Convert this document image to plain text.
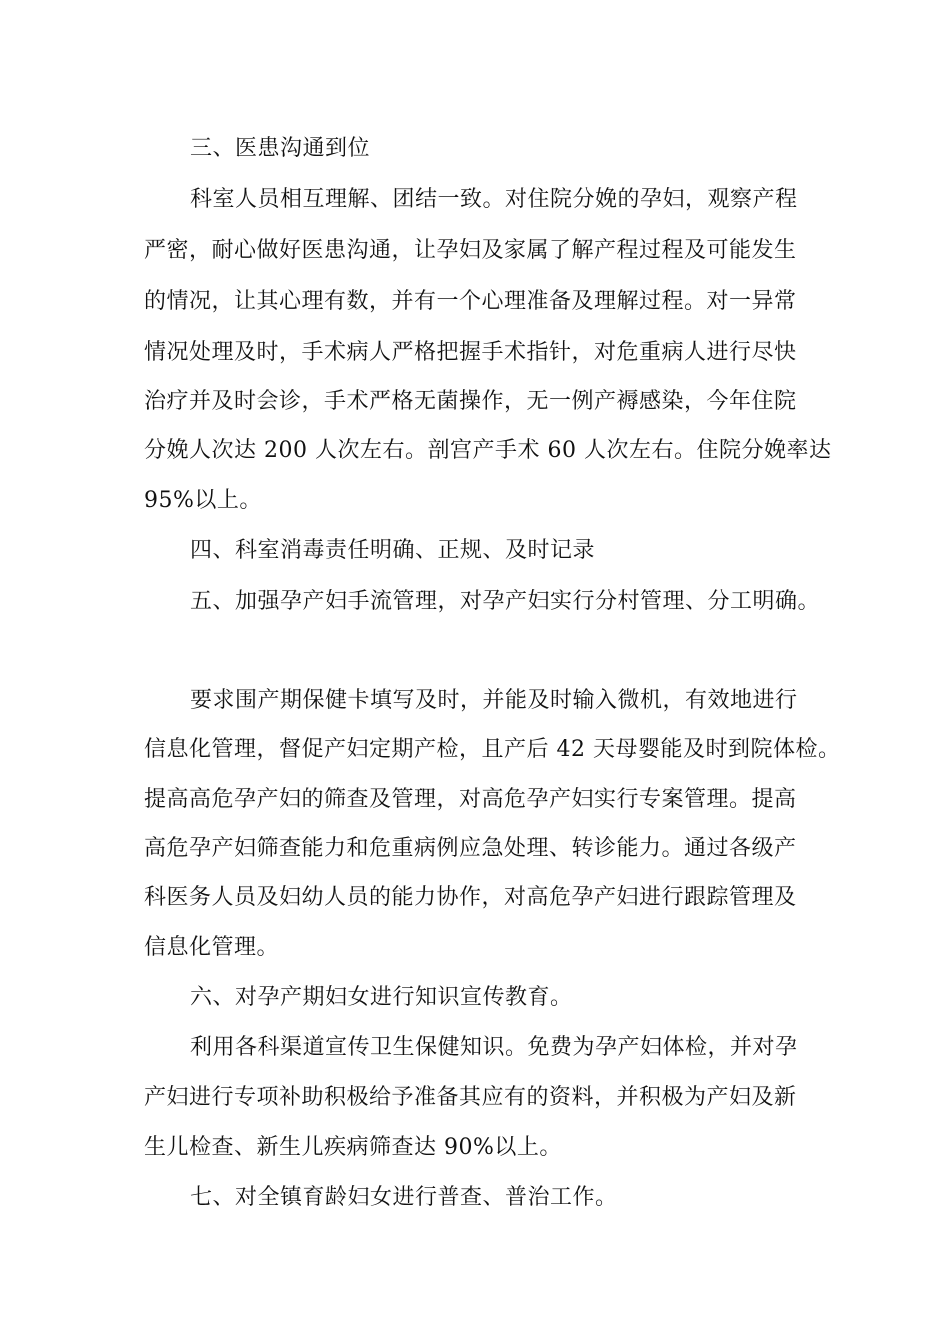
三、医患沟通到位
科室人员相互理解、团结一致。对住院分娩的孕妇，观察产程
严密，耐心做好医患沟通，让孕妇及家属了解产程过程及可能发生
的情况，让其心理有数，并有一个心理准备及理解过程。对一异常
情况处理及时，手术病人严格把握手术指针，对危重病人进行尽快
治疗并及时会诊，手术严格无菌操作，无一例产褥感染，今年住院
分娩人次达 200 人次左右。剖宫产手术 60 人次左右。住院分娩率达
95%以上。
四、科室消毒责任明确、正规、及时记录
五、加强孕产妇手流管理，对孕产妇实行分村管理、分工明确。
要求围产期保健卡填写及时，并能及时输入微机，有效地进行
信息化管理，督促产妇定期产检，且产后 42 天母婴能及时到院体检。
提高高危孕产妇的筛查及管理，对高危孕产妇实行专案管理。提高
高危孕产妇筛查能力和危重病例应急处理、转诊能力。通过各级产
科医务人员及妇幼人员的能力协作，对高危孕产妇进行跟踪管理及
信息化管理。
六、对孕产期妇女进行知识宣传教育。
利用各科渠道宣传卫生保健知识。免费为孕产妇体检，并对孕
产妇进行专项补助积极给予准备其应有的资料，并积极为产妇及新
生儿检查、新生儿疾病筛查达 90%以上。
七、对全镇育龄妇女进行普查、普治工作。
